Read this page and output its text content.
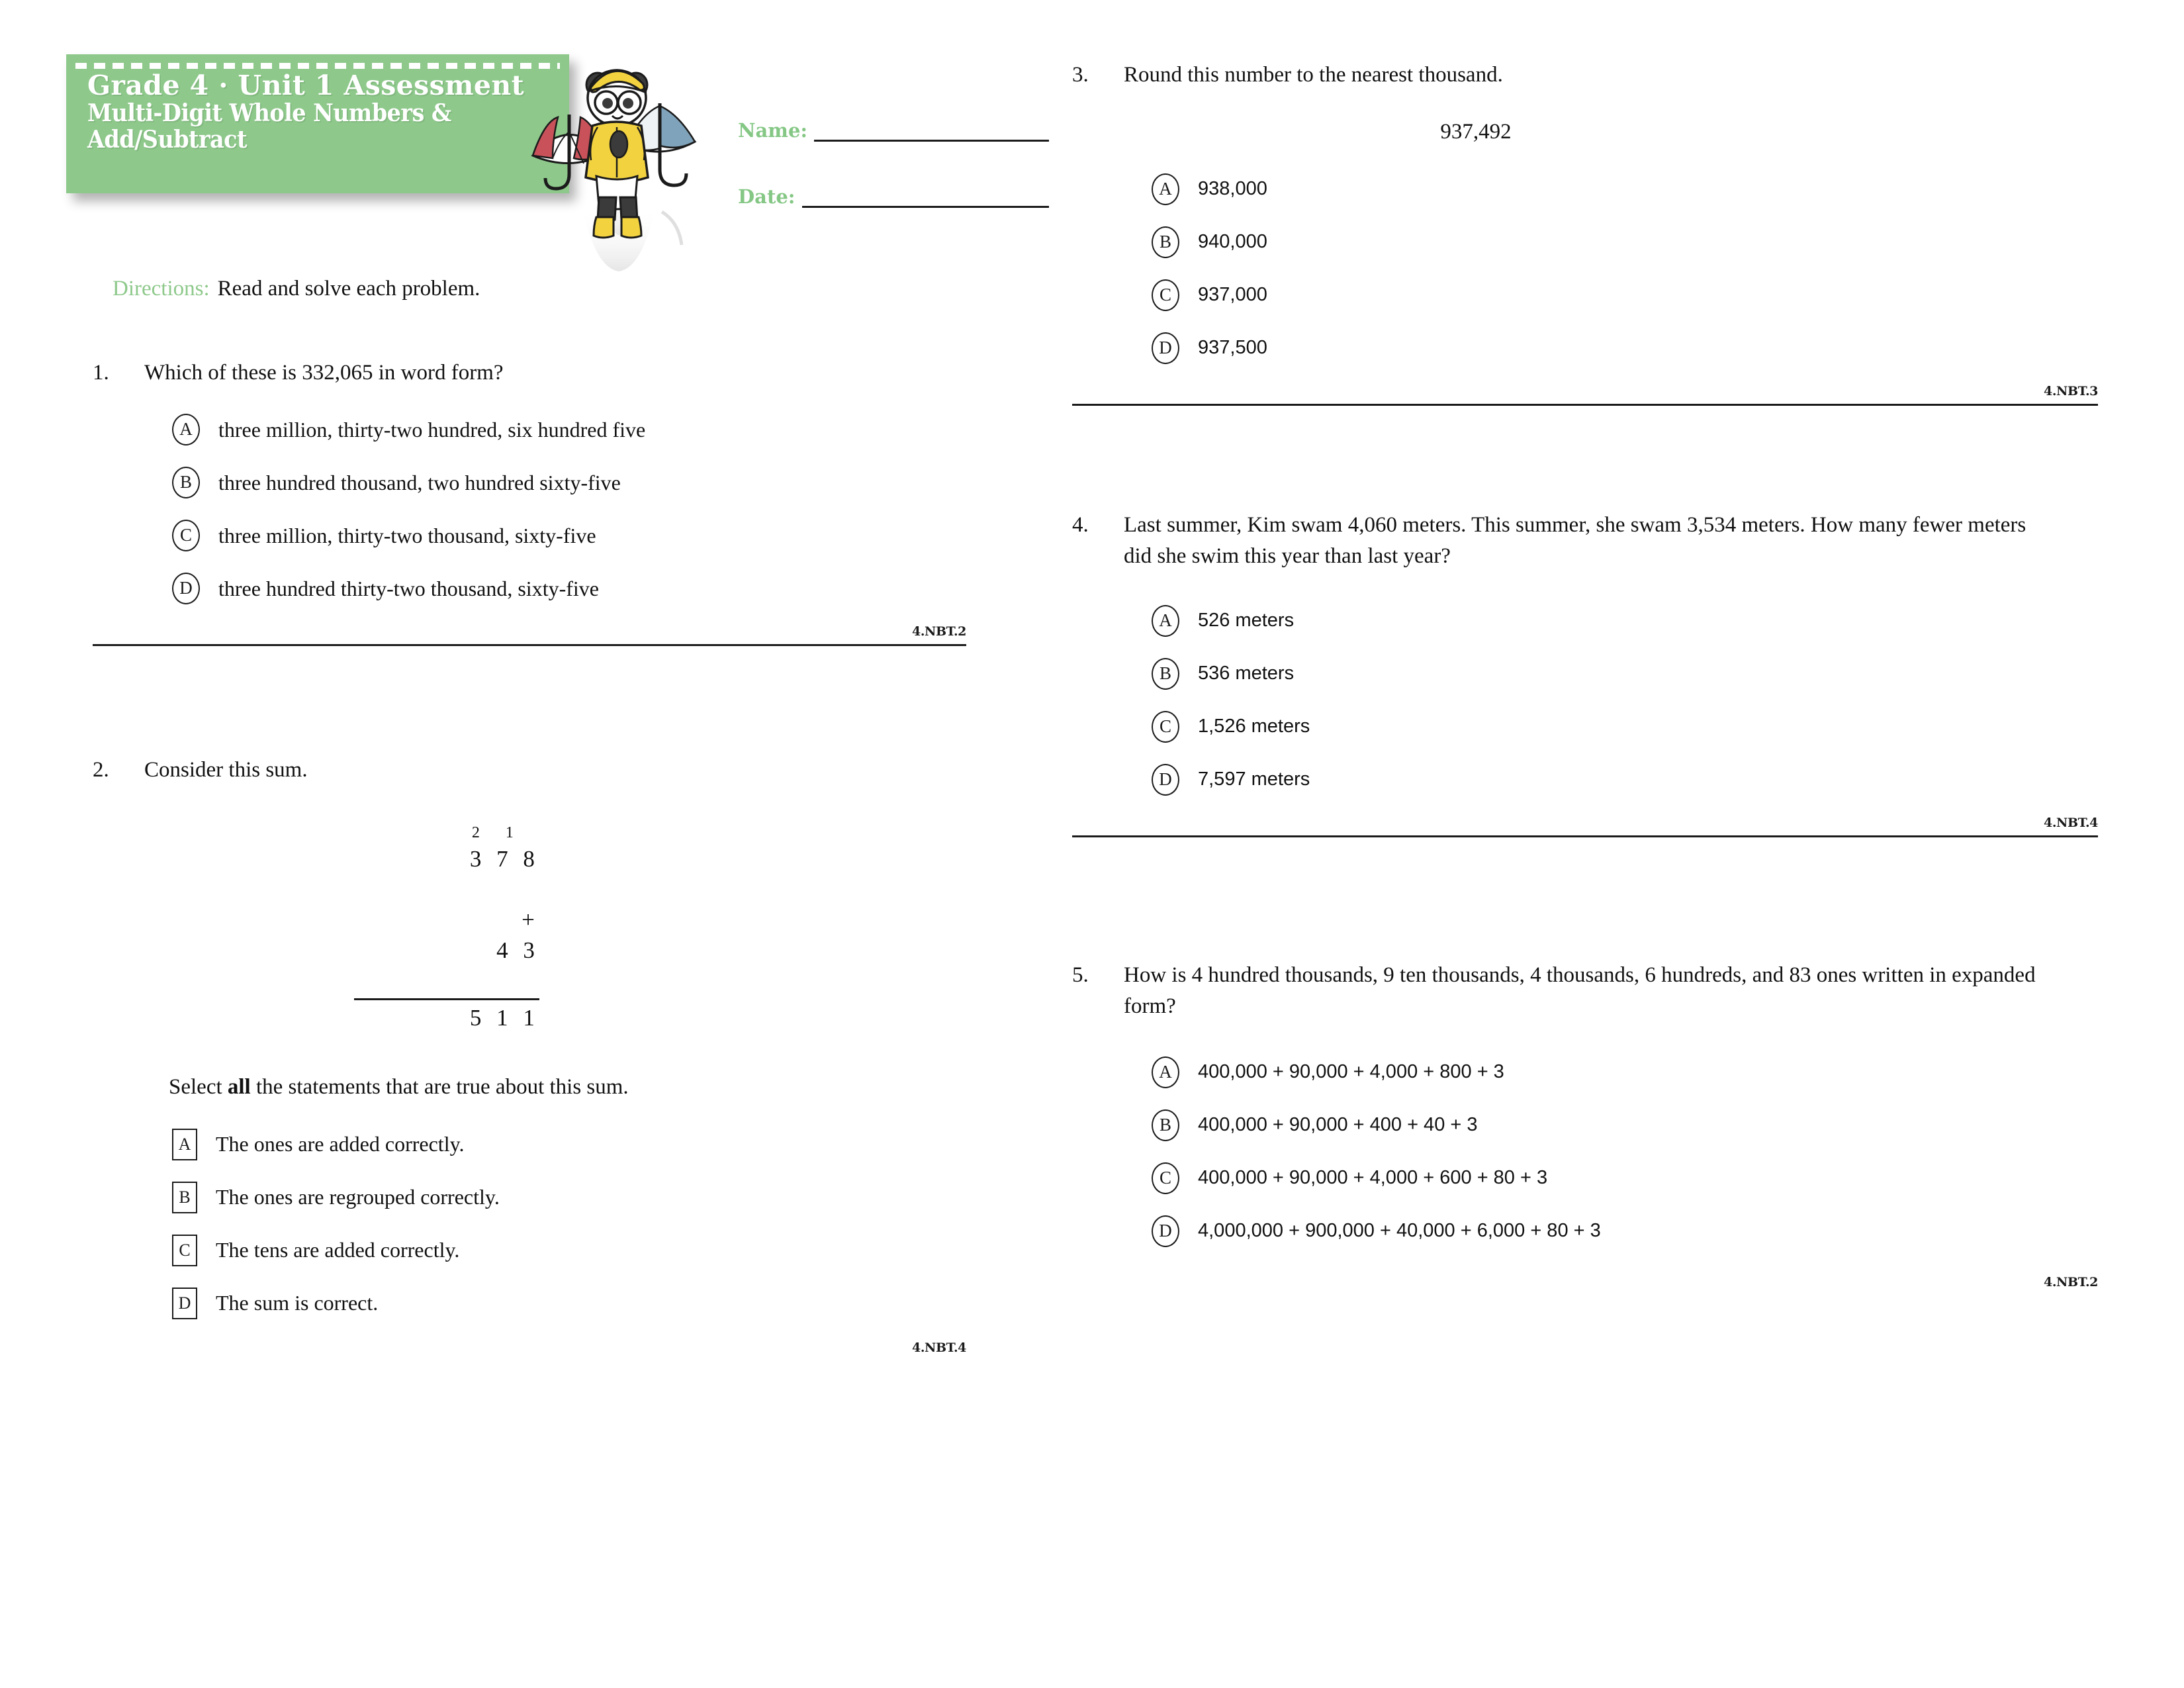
Grade 4 · Unit 1 Assessment
Multi-Digit Whole Numbers &
Add/Subtract	Name:
Date:
Directions: Read and solve each problem.
1.	Which of these is 332,065 in word form?
A	three million, thirty-two hundred, six hundred five
B	three hundred thousand, two hundred sixty-five
C	three million, thirty-two thousand, sixty-five
D	three hundred thirty-two thousand, sixty-five
4.NBT.2
2.	Consider this sum.
2  1
3 7 8

+
4 3

5 1 1
Select all the statements that are true about this sum.
A	The ones are added correctly.
B	The ones are regrouped correctly.
C	The tens are added correctly.
D	The sum is correct.
4.NBT.4
3.	Round this number to the nearest thousand.
937,492
A	938,000
B	940,000
C	937,000
D	937,500
4.NBT.3
4.	Last summer, Kim swam 4,060 meters. This summer, she swam 3,534 meters. How many fewer meters did she swim this year than last year?
A	526 meters
B	536 meters
C	1,526 meters
D	7,597 meters
4.NBT.4
5.	How is 4 hundred thousands, 9 ten thousands, 4 thousands, 6 hundreds, and 83 ones written in expanded form?
A	400,000 + 90,000 + 4,000 + 800 + 3
B	400,000 + 90,000 + 400 + 40 + 3
C	400,000 + 90,000 + 4,000 + 600 + 80 + 3
D	4,000,000 + 900,000 + 40,000 + 6,000 + 80 + 3
4.NBT.2
